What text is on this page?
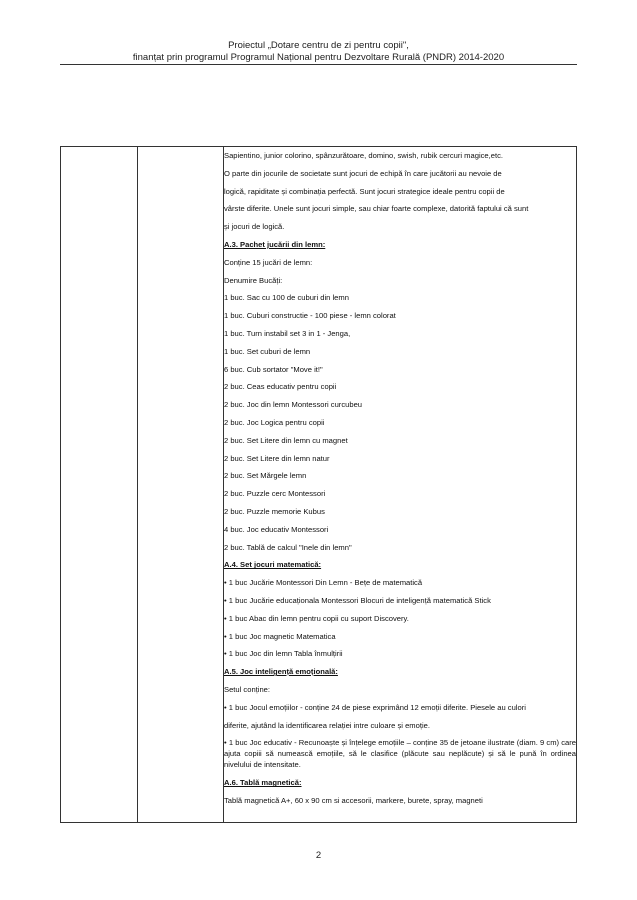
Proiectul „Dotare centru de zi pentru copii",
finanțat prin programul Programul Național pentru Dezvoltare Rurală (PNDR) 2014-2020

Sapientino, junior colorino, spânzurătoare, domino, swish, rubik cercuri magice,etc.
O parte din jocurile de societate sunt jocuri de echipă în care jucătorii au nevoie de
logică, rapiditate și combinația perfectă. Sunt jocuri strategice ideale pentru copii de
vârste diferite. Unele sunt jocuri simple, sau chiar foarte complexe, datorită faptului că sunt
și jocuri de logică.
A.3. Pachet jucării din lemn:
Conține 15 jucări de lemn:
Denumire Bucăți:
1 buc. Sac cu 100 de cuburi din lemn
1 buc. Cuburi constructie - 100 piese - lemn colorat
1 buc. Turn instabil set 3 in 1 - Jenga,
1 buc. Set cuburi de lemn
6 buc. Cub sortator "Move it!"
2 buc. Ceas educativ pentru copii
2 buc. Joc din lemn Montessori curcubeu
2 buc. Joc Logica pentru copii
2 buc. Set Litere din lemn cu magnet
2 buc. Set Litere din lemn natur
2 buc. Set Mărgele lemn
2 buc. Puzzle cerc Montessori
2 buc. Puzzle memorie Kubus
4 buc. Joc educativ Montessori
2 buc. Tablă de calcul "Inele din lemn"
A.4. Set jocuri matematică:
• 1 buc Jucărie Montessori Din Lemn - Bețe de matematică
• 1 buc Jucărie educaționala Montessori Blocuri de inteligență matematică Stick
• 1 buc Abac din lemn pentru copii cu suport Discovery.
• 1 buc Joc magnetic Matematica
• 1 buc Joc din lemn Tabla înmulțirii
A.5. Joc inteligență emoțională:
Setul conține:
• 1 buc Jocul emoțiilor - conține 24 de piese exprimând 12 emoții diferite. Piesele au culori
diferite, ajutând la identificarea relației intre culoare și emoție.
• 1 buc Joc educativ - Recunoaște și înțelege emoțiile – conține 35 de jetoane ilustrate (diam. 9 cm) care ajuta copiii să numească emoțiile, să le clasifice (plăcute sau neplăcute) și să le pună în ordinea nivelului de intensitate.
A.6. Tablă magnetică:
Tablă magnetică A+, 60 x 90 cm si accesorii, markere, burete, spray, magneti
2
